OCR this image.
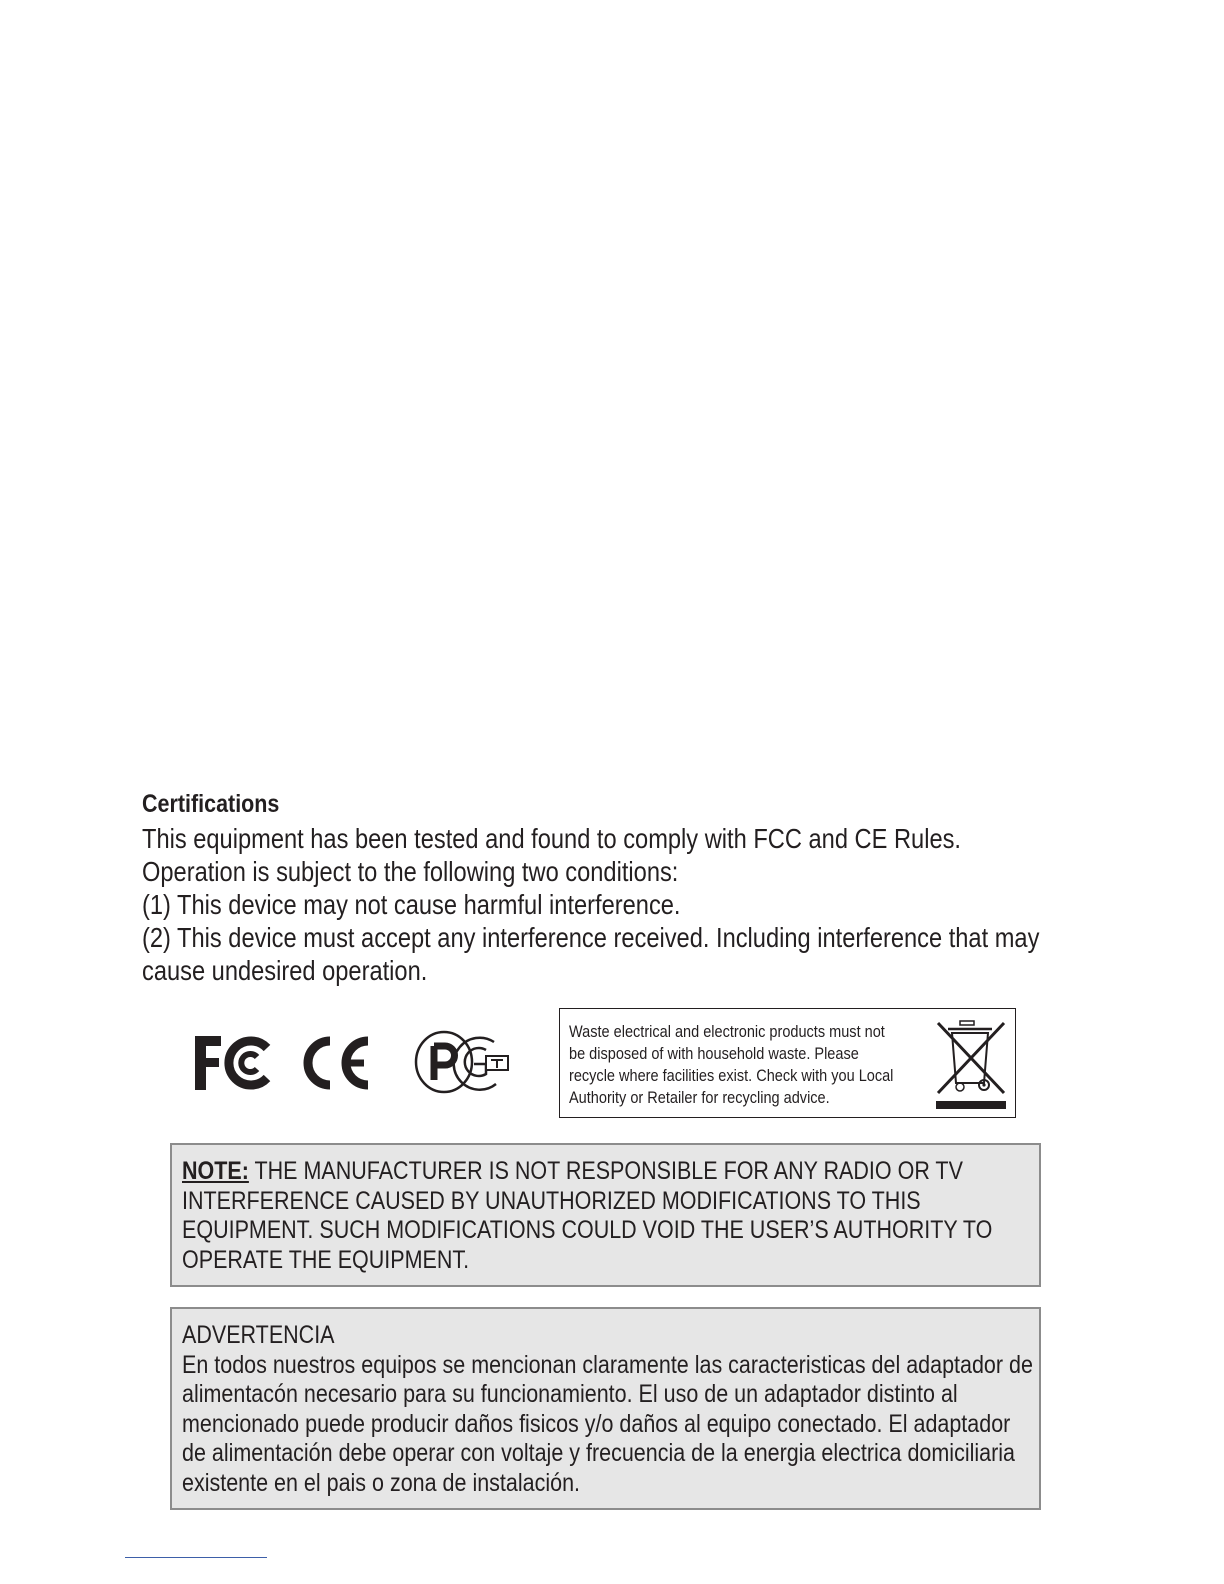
Certifications
This equipment has been tested and found to comply with FCC and CE Rules.
Operation is subject to the following two conditions:
(1) This device may not cause harmful interference.
(2) This device must accept any interference received. Including interference that may
cause undesired operation.
Waste electrical and electronic products must not
be disposed of with household waste. Please
recycle where facilities exist. Check with you Local
Authority or Retailer for recycling advice.
NOTE: THE MANUFACTURER IS NOT RESPONSIBLE FOR ANY RADIO OR TV
INTERFERENCE CAUSED BY UNAUTHORIZED MODIFICATIONS TO THIS
EQUIPMENT. SUCH MODIFICATIONS COULD VOID THE USER’S AUTHORITY TO
OPERATE THE EQUIPMENT.
ADVERTENCIA
En todos nuestros equipos se mencionan claramente las caracteristicas del adaptador de
alimentacón necesario para su funcionamiento. El uso de un adaptador distinto al
mencionado puede producir daños fisicos y/o daños al equipo conectado. El adaptador
de alimentación debe operar con voltaje y frecuencia de la energia electrica domiciliaria
existente en el pais o zona de instalación.
